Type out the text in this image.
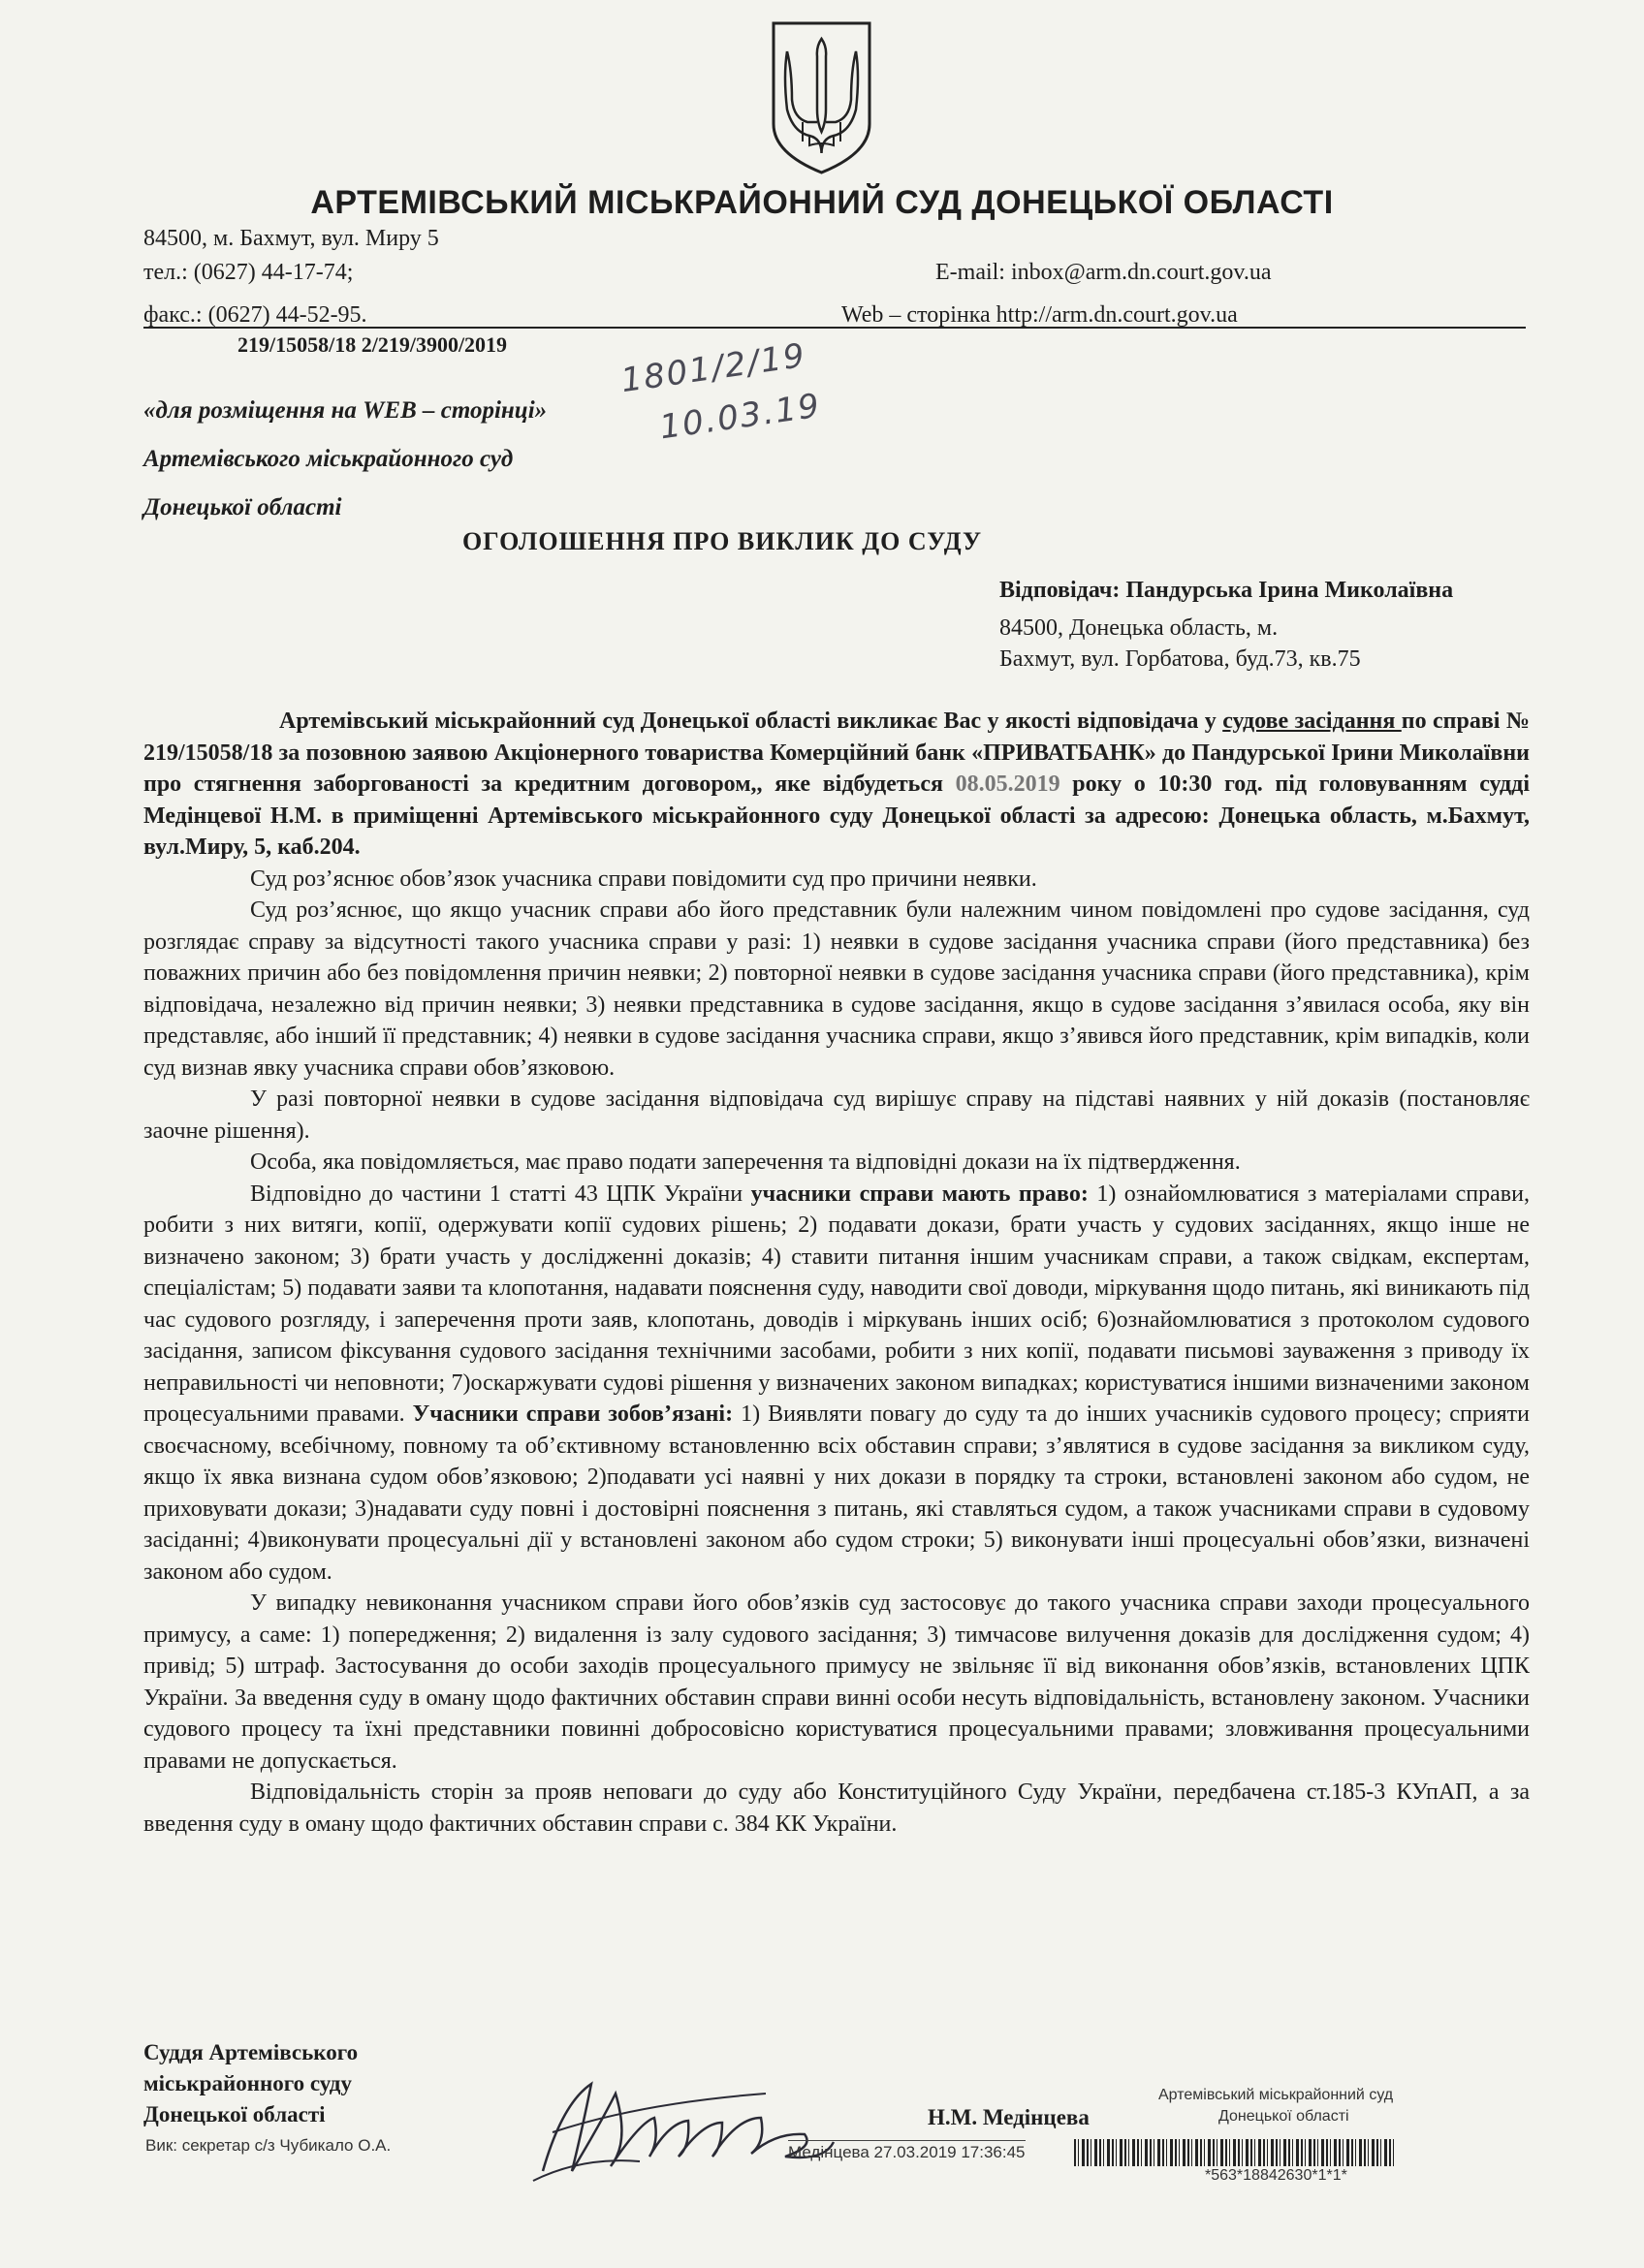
АРТЕМІВСЬКИЙ МІСЬКРАЙОННИЙ СУД ДОНЕЦЬКОЇ ОБЛАСТІ
84500, м. Бахмут, вул. Миру 5
тел.: (0627) 44-17-74;
факс.: (0627) 44-52-95.
E-mail: inbox@arm.dn.court.gov.ua
Web – сторінка http://arm.dn.court.gov.ua
219/15058/18 2/219/3900/2019	1801/2/19
10.03.19
«для розміщення на WEB – сторінці»
Артемівського міськрайонного суд
Донецької області
ОГОЛОШЕННЯ ПРО ВИКЛИК ДО СУДУ
Відповідач: Пандурська Ірина Миколаївна
84500, Донецька область, м.
Бахмут, вул. Горбатова, буд.73, кв.75

Артемівський міськрайонний суд Донецької області викликає Вас у якості відповідача у судове засідання по справі № 219/15058/18 за позовною заявою Акціонерного товариства Комерційний банк «ПРИВАТБАНК» до Пандурської Ірини Миколаївни про стягнення заборгованості за кредитним договором,, яке відбудеться 08.05.2019 року о 10:30 год. під головуванням судді Медінцевої Н.М. в приміщенні Артемівського міськрайонного суду Донецької області за адресою: Донецька область, м.Бахмут, вул.Миру, 5, каб.204.

Суд роз’яснює обов’язок учасника справи повідомити суд про причини неявки.

Суд роз’яснює, що якщо учасник справи або його представник були належним чином повідомлені про судове засідання, суд розглядає справу за відсутності такого учасника справи у разі: 1) неявки в судове засідання учасника справи (його представника) без поважних причин або без повідомлення причин неявки; 2) повторної неявки в судове засідання учасника справи (його представника), крім відповідача, незалежно від причин неявки; 3) неявки представника в судове засідання, якщо в судове засідання з’явилася особа, яку він представляє, або інший її представник; 4) неявки в судове засідання учасника справи, якщо з’явився його представник, крім випадків, коли суд визнав явку учасника справи обов’язковою.

У разі повторної неявки в судове засідання відповідача суд вирішує справу на підставі наявних у ній доказів (постановляє заочне рішення).

Особа, яка повідомляється, має право подати заперечення та відповідні докази на їх підтвердження.

Відповідно до частини 1 статті 43 ЦПК України учасники справи мають право: 1) ознайомлюватися з матеріалами справи, робити з них витяги, копії, одержувати копії судових рішень; 2) подавати докази, брати участь у судових засіданнях, якщо інше не визначено законом; 3) брати участь у дослідженні доказів; 4) ставити питання іншим учасникам справи, а також свідкам, експертам, спеціалістам; 5) подавати заяви та клопотання, надавати пояснення суду, наводити свої доводи, міркування щодо питань, які виникають під час судового розгляду, і заперечення проти заяв, клопотань, доводів і міркувань інших осіб; 6)ознайомлюватися з протоколом судового засідання, записом фіксування судового засідання технічними засобами, робити з них копії, подавати письмові зауваження з приводу їх неправильності чи неповноти; 7)оскаржувати судові рішення у визначених законом випадках; користуватися іншими визначеними законом процесуальними правами. Учасники справи зобов’язані: 1) Виявляти повагу до суду та до інших учасників судового процесу; сприяти своєчасному, всебічному, повному та об’єктивному встановленню всіх обставин справи; з’являтися в судове засідання за викликом суду, якщо їх явка визнана судом обов’язковою; 2)подавати усі наявні у них докази в порядку та строки, встановлені законом або судом, не приховувати докази; 3)надавати суду повні і достовірні пояснення з питань, які ставляться судом, а також учасниками справи в судовому засіданні; 4)виконувати процесуальні дії у встановлені законом або судом строки; 5) виконувати інші процесуальні обов’язки, визначені законом або судом.

У випадку невиконання учасником справи його обов’язків суд застосовує до такого учасника справи заходи процесуального примусу, а саме: 1) попередження; 2) видалення із залу судового засідання; 3) тимчасове вилучення доказів для дослідження судом; 4) привід; 5) штраф. Застосування до особи заходів процесуального примусу не звільняє її від виконання обов’язків, встановлених ЦПК України. За введення суду в оману щодо фактичних обставин справи винні особи несуть відповідальність, встановлену законом. Учасники судового процесу та їхні представники повинні добросовісно користуватися процесуальними правами; зловживання процесуальними правами не допускається.

Відповідальність сторін за прояв неповаги до суду або Конституційного Суду України, передбачена ст.185-3 КУпАП, а за введення суду в оману щодо фактичних обставин справи с. 384 КК України.

Суддя Артемівського
міськрайонного суду
Донецької області
Вик: секретар с/з Чубикало О.А.
Н.М. Медінцева
Артемівський міськрайонний суд
Донецької області
Медінцева 27.03.2019 17:36:45
*563*18842630*1*1*
